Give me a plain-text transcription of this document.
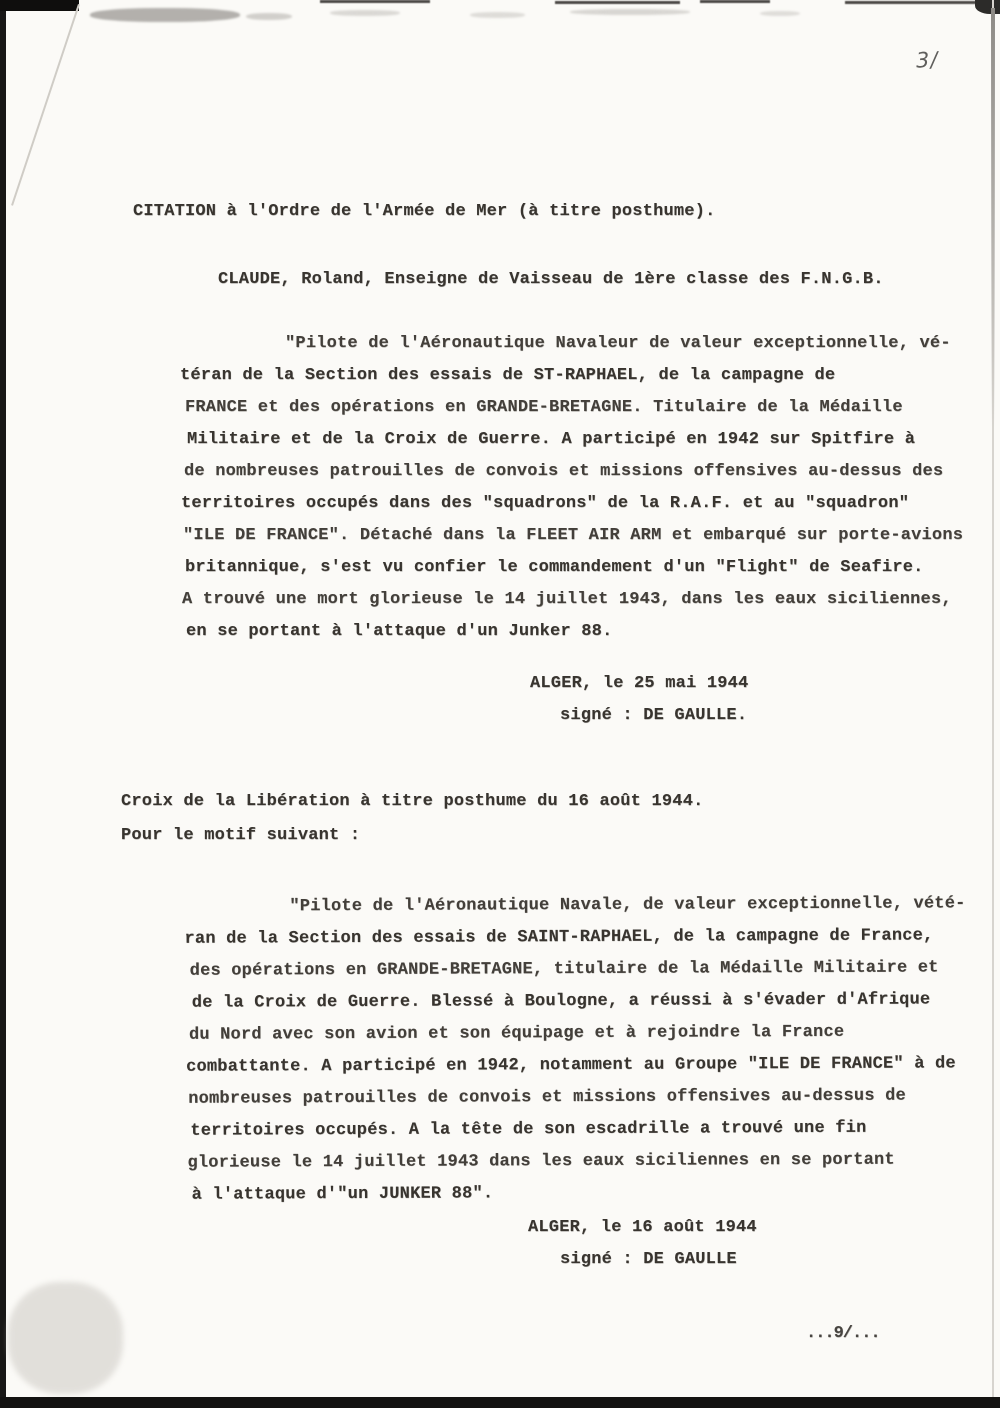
3/
CITATION à l'Ordre de l'Armée de Mer (à titre posthume).
CLAUDE, Roland, Enseigne de Vaisseau de 1ère classe des F.N.G.B.
"Pilote de l'Aéronautique Navaleur de valeur exceptionnelle, vé-
téran de la Section des essais de ST-RAPHAEL, de la campagne de
FRANCE et des opérations en GRANDE-BRETAGNE. Titulaire de la Médaille
Militaire et de la Croix de Guerre. A participé en 1942 sur Spitfire à
de nombreuses patrouilles de convois et missions offensives au-dessus des
territoires occupés dans des "squadrons" de la R.A.F. et au "squadron"
"ILE DE FRANCE". Détaché dans la FLEET AIR ARM et embarqué sur porte-avions
britannique, s'est vu confier le commandement d'un "Flight" de Seafire.
A trouvé une mort glorieuse le 14 juillet 1943, dans les eaux siciliennes,
en se portant à l'attaque d'un Junker 88.
ALGER, le 25 mai 1944
signé : DE GAULLE.
Croix de la Libération à titre posthume du 16 août 1944.
Pour le motif suivant :
"Pilote de l'Aéronautique Navale, de valeur exceptionnelle, vété-
ran de la Section des essais de SAINT-RAPHAEL, de la campagne de France,
des opérations en GRANDE-BRETAGNE, titulaire de la Médaille Militaire et
de la Croix de Guerre. Blessé à Boulogne, a réussi à s'évader d'Afrique
du Nord avec son avion et son équipage et à rejoindre la France
combattante. A participé en 1942, notamment au Groupe "ILE DE FRANCE" à de
nombreuses patrouilles de convois et missions offensives au-dessus de
territoires occupés. A la tête de son escadrille a trouvé une fin
glorieuse le 14 juillet 1943 dans les eaux siciliennes en se portant
à l'attaque d'"un JUNKER 88".
ALGER, le 16 août 1944
signé : DE GAULLE
...9/...
